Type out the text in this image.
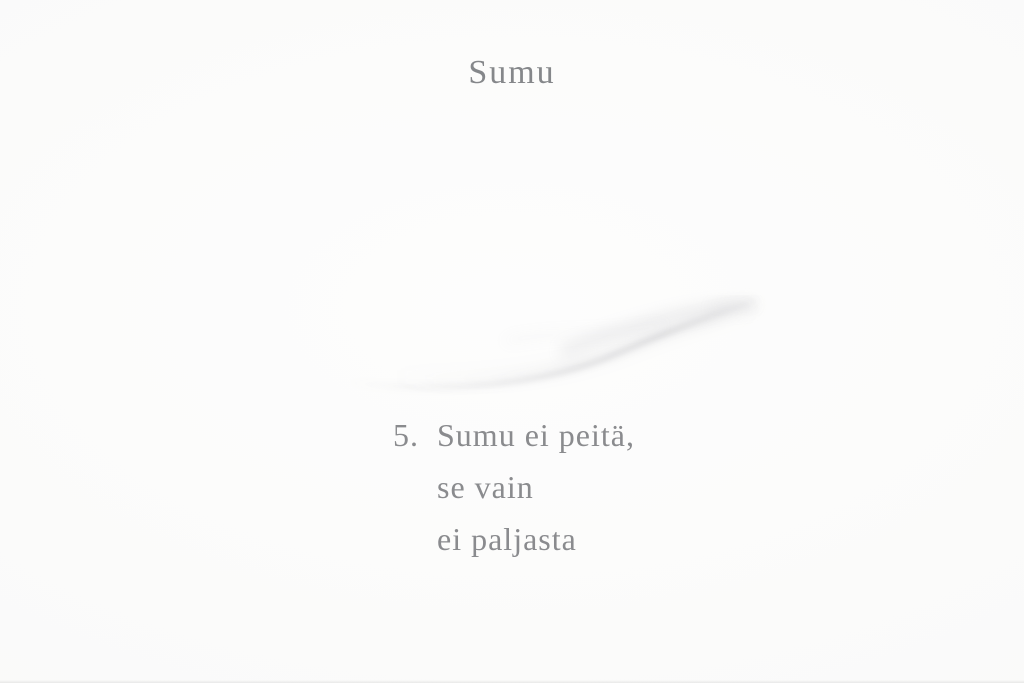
Sumu
5. Sumu ei peitä,

se vain

ei paljasta
